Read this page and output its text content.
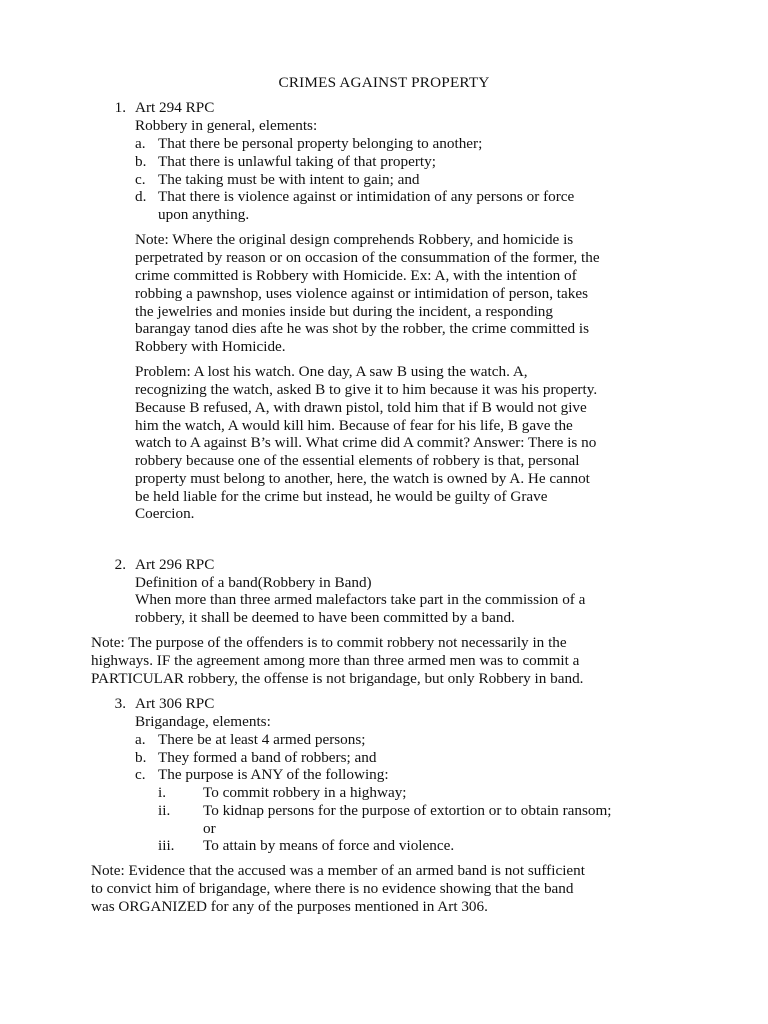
CRIMES AGAINST PROPERTY
1. Art 294 RPC
Robbery in general, elements:
a. That there be personal property belonging to another;
b. That there is unlawful taking of that property;
c. The taking must be with intent to gain; and
d. That there is violence against or intimidation of any persons or force
upon anything.
Note: Where the original design comprehends Robbery, and homicide is
perpetrated by reason or on occasion of the consummation of the former, the
crime committed is Robbery with Homicide. Ex: A, with the intention of
robbing a pawnshop, uses violence against or intimidation of person, takes
the jewelries and monies inside but during the incident, a responding
barangay tanod dies afte he was shot by the robber, the crime committed is
Robbery with Homicide.
Problem: A lost his watch. One day, A saw B using the watch. A,
recognizing the watch, asked B to give it to him because it was his property.
Because B refused, A, with drawn pistol, told him that if B would not give
him the watch, A would kill him. Because of fear for his life, B gave the
watch to A against B’s will. What crime did A commit? Answer: There is no
robbery because one of the essential elements of robbery is that, personal
property must belong to another, here, the watch is owned by A. He cannot
be held liable for the crime but instead, he would be guilty of Grave
Coercion.
2. Art 296 RPC
Definition of a band(Robbery in Band)
When more than three armed malefactors take part in the commission of a
robbery, it shall be deemed to have been committed by a band.
Note: The purpose of the offenders is to commit robbery not necessarily in the
highways. IF the agreement among more than three armed men was to commit a
PARTICULAR robbery, the offense is not brigandage, but only Robbery in band.
3. Art 306 RPC
Brigandage, elements:
a. There be at least 4 armed persons;
b. They formed a band of robbers; and
c. The purpose is ANY of the following:
i. To commit robbery in a highway;
ii. To kidnap persons for the purpose of extortion or to obtain ransom;
or
iii. To attain by means of force and violence.
Note: Evidence that the accused was a member of an armed band is not sufficient
to convict him of brigandage, where there is no evidence showing that the band
was ORGANIZED for any of the purposes mentioned in Art 306.
